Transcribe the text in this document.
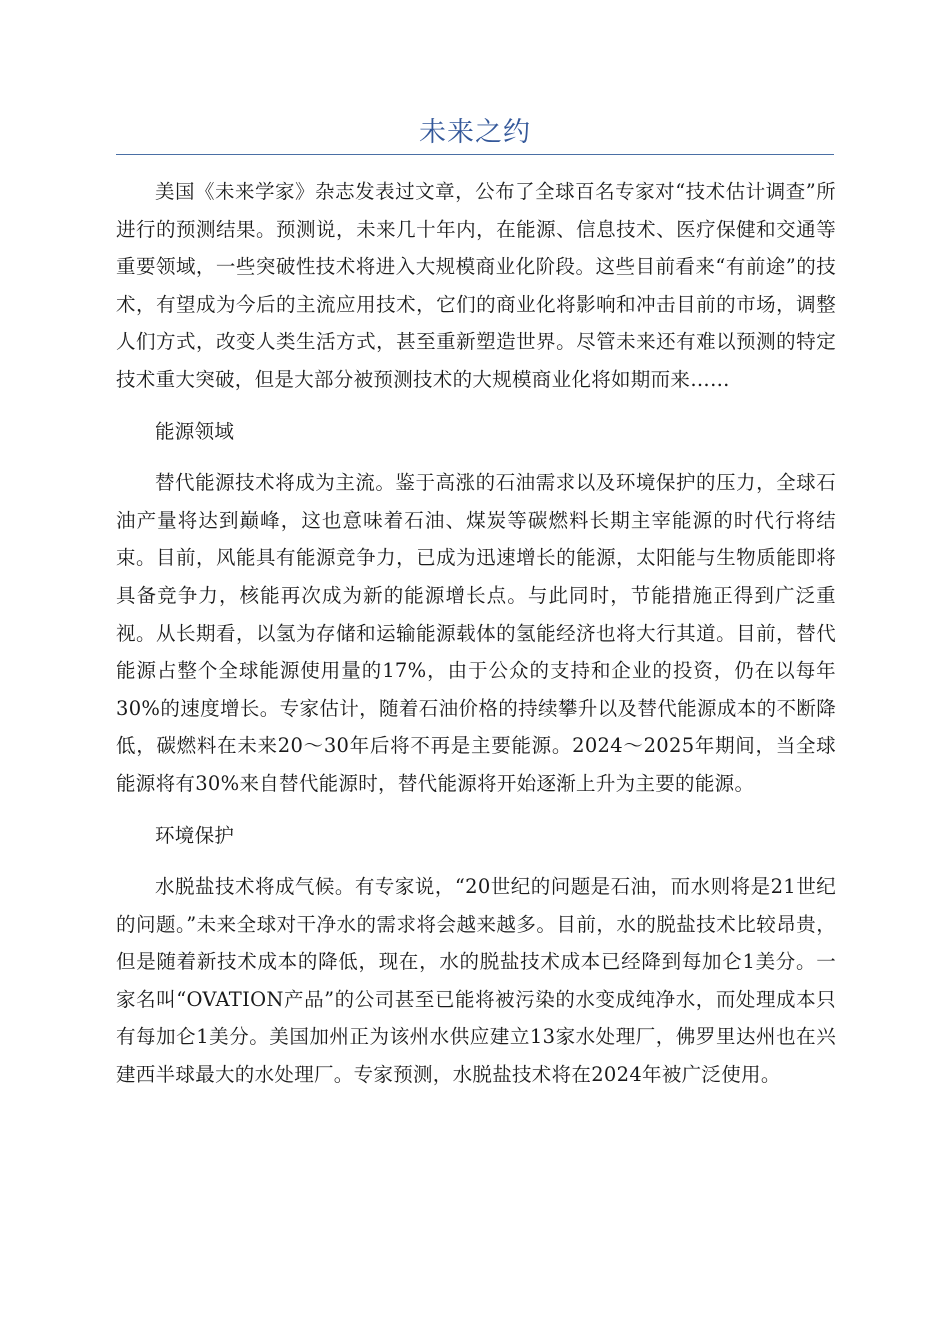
未来之约

美国《未来学家》杂志发表过文章，公布了全球百名专家对“技术估计调查”所进行的预测结果。预测说，未来几十年内，在能源、信息技术、医疗保健和交通等重要领域，一些突破性技术将进入大规模商业化阶段。这些目前看来“有前途”的技术，有望成为今后的主流应用技术，它们的商业化将影响和冲击目前的市场，调整人们方式，改变人类生活方式，甚至重新塑造世界。尽管未来还有难以预测的特定技术重大突破，但是大部分被预测技术的大规模商业化将如期而来……

能源领域

替代能源技术将成为主流。鉴于高涨的石油需求以及环境保护的压力，全球石油产量将达到巅峰，这也意味着石油、煤炭等碳燃料长期主宰能源的时代行将结束。目前，风能具有能源竞争力，已成为迅速增长的能源，太阳能与生物质能即将具备竞争力，核能再次成为新的能源增长点。与此同时，节能措施正得到广泛重视。从长期看，以氢为存储和运输能源载体的氢能经济也将大行其道。目前，替代能源占整个全球能源使用量的17%，由于公众的支持和企业的投资，仍在以每年30%的速度增长。专家估计，随着石油价格的持续攀升以及替代能源成本的不断降低，碳燃料在未来20〜30年后将不再是主要能源。2024〜2025年期间，当全球能源将有30%来自替代能源时，替代能源将开始逐渐上升为主要的能源。

环境保护

水脱盐技术将成气候。有专家说，“20世纪的问题是石油，而水则将是21世纪的问题。”未来全球对干净水的需求将会越来越多。目前，水的脱盐技术比较昂贵，但是随着新技术成本的降低，现在，水的脱盐技术成本已经降到每加仑1美分。一家名叫“OVATION产品”的公司甚至已能将被污染的水变成纯净水，而处理成本只有每加仑1美分。美国加州正为该州水供应建立13家水处理厂，佛罗里达州也在兴建西半球最大的水处理厂。专家预测，水脱盐技术将在2024年被广泛使用。
